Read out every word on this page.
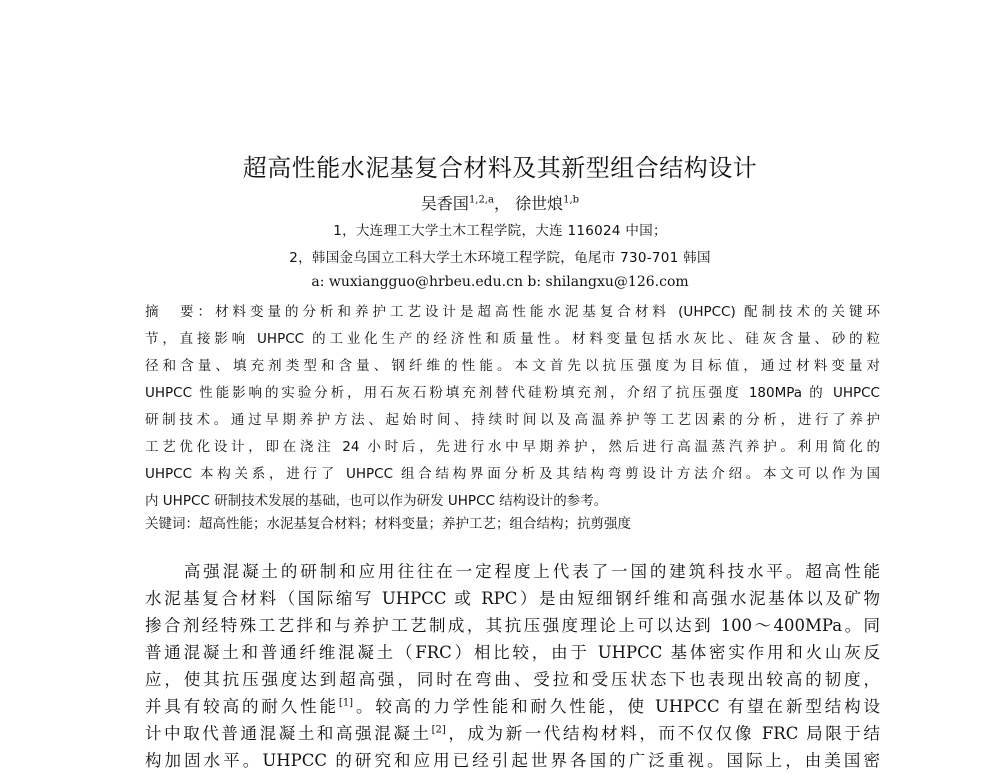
超高性能水泥基复合材料及其新型组合结构设计
吴香国$^{1,2,a}$， 徐世烺$^{1,b}$
1，大连理工大学土木工程学院，大连 116024 中国；
2，韩国金乌国立工科大学土木环境工程学院，龟尾市 730-701 韩国
a: wuxiangguo@hrbeu.edu.cn b: shilangxu@126.com
摘　要：材料变量的分析和养护工艺设计是超高性能水泥基复合材料 (UHPCC) 配制技术的关键环
节，直接影响 UHPCC 的工业化生产的经济性和质量性。材料变量包括水灰比、硅灰含量、砂的粒
径和含量、填充剂类型和含量、钢纤维的性能。本文首先以抗压强度为目标值，通过材料变量对
UHPCC 性能影响的实验分析，用石灰石粉填充剂替代硅粉填充剂，介绍了抗压强度 180MPa 的 UHPCC
研制技术。通过早期养护方法、起始时间、持续时间以及高温养护等工艺因素的分析，进行了养护
工艺优化设计，即在浇注 24 小时后，先进行水中早期养护，然后进行高温蒸汽养护。利用简化的
UHPCC 本构关系，进行了 UHPCC 组合结构界面分析及其结构弯剪设计方法介绍。本文可以作为国
内 UHPCC 研制技术发展的基础，也可以作为研发 UHPCC 结构设计的参考。
关键词：超高性能；水泥基复合材料；材料变量；养护工艺；组合结构；抗剪强度
　　高强混凝土的研制和应用往往在一定程度上代表了一国的建筑科技水平。超高性能
水泥基复合材料（国际缩写 UHPCC 或 RPC）是由短细钢纤维和高强水泥基体以及矿物
掺合剂经特殊工艺拌和与养护工艺制成，其抗压强度理论上可以达到 100～400MPa。同
普通混凝土和普通纤维混凝土（FRC）相比较，由于 UHPCC 基体密实作用和火山灰反
应，使其抗压强度达到超高强，同时在弯曲、受拉和受压状态下也表现出较高的韧度，
并具有较高的耐久性能[1]。较高的力学性能和耐久性能，使 UHPCC 有望在新型结构设
计中取代普通混凝土和高强混凝土[2]，成为新一代结构材料，而不仅仅像 FRC 局限于结
构加固水平。UHPCC 的研究和应用已经引起世界各国的广泛重视。国际上，由美国密
